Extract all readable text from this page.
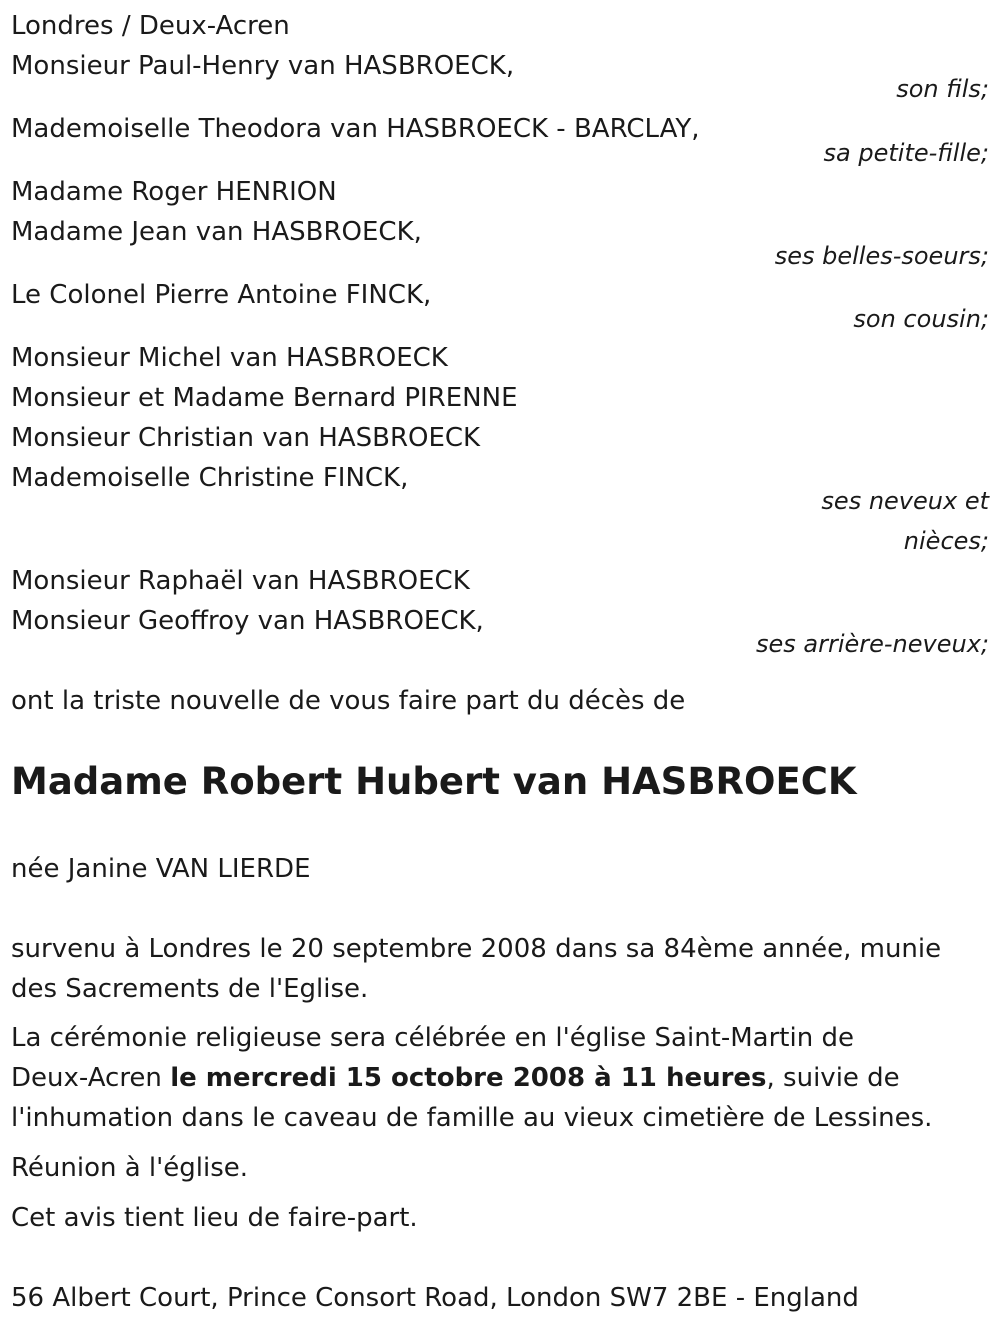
Londres / Deux-Acren
Monsieur Paul-Henry van HASBROECK,
son fils;
Mademoiselle Theodora van HASBROECK - BARCLAY,
sa petite-fille;
Madame Roger HENRION
Madame Jean van HASBROECK,
ses belles-soeurs;
Le Colonel Pierre Antoine FINCK,
son cousin;
Monsieur Michel van HASBROECK
Monsieur et Madame Bernard PIRENNE
Monsieur Christian van HASBROECK
Mademoiselle Christine FINCK,
ses neveux et
nièces;
Monsieur Raphaël van HASBROECK
Monsieur Geoffroy van HASBROECK,
ses arrière-neveux;
ont la triste nouvelle de vous faire part du décès de
Madame Robert Hubert van HASBROECK
née Janine VAN LIERDE
survenu à Londres le 20 septembre 2008 dans sa 84ème année, munie
des Sacrements de l'Eglise.
La cérémonie religieuse sera célébrée en l'église Saint-Martin de
Deux-Acren le mercredi 15 octobre 2008 à 11 heures, suivie de
l'inhumation dans le caveau de famille au vieux cimetière de Lessines.
Réunion à l'église.
Cet avis tient lieu de faire-part.
56 Albert Court, Prince Consort Road, London SW7 2BE - England
